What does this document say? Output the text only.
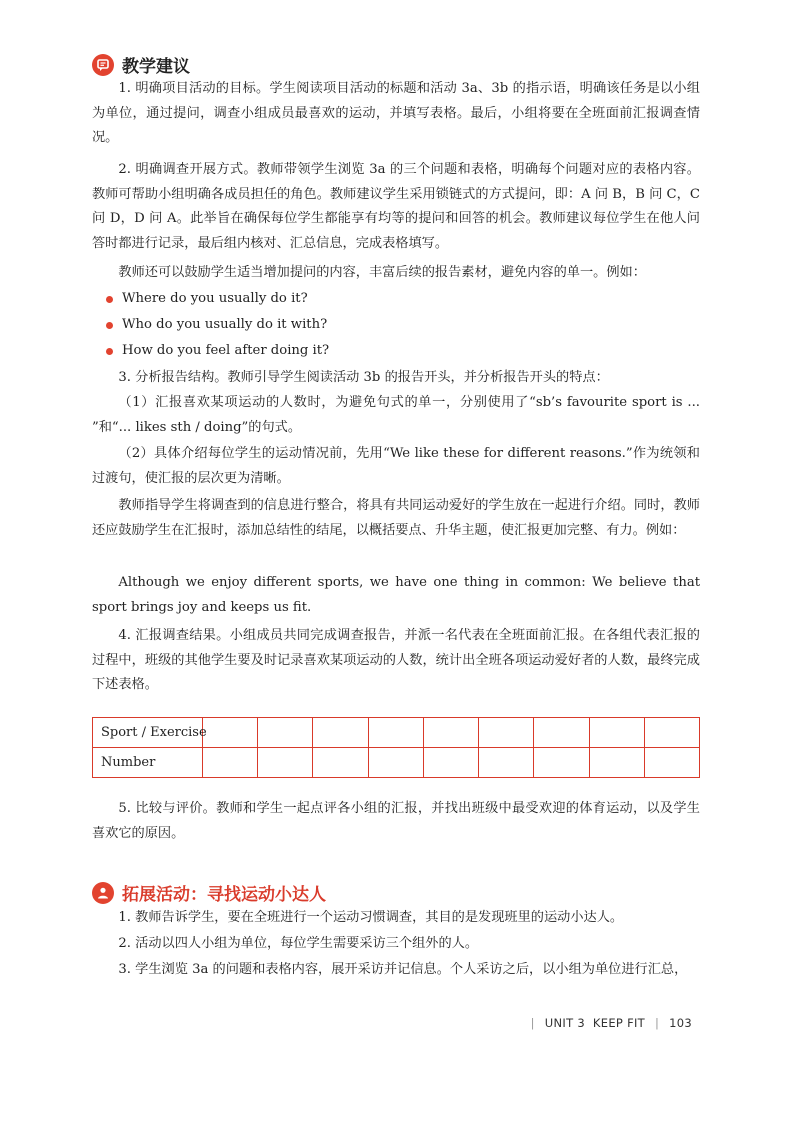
教学建议

1. 明确项目活动的目标。学生阅读项目活动的标题和活动 3a、3b 的指示语，明确该任务是以小组为单位，通过提问，调查小组成员最喜欢的运动，并填写表格。最后，小组将要在全班面前汇报调查情况。

2. 明确调查开展方式。教师带领学生浏览 3a 的三个问题和表格，明确每个问题对应的表格内容。教师可帮助小组明确各成员担任的角色。教师建议学生采用锁链式的方式提问，即：A 问 B，B 问 C，C 问 D，D 问 A。此举旨在确保每位学生都能享有均等的提问和回答的机会。教师建议每位学生在他人问答时都进行记录，最后组内核对、汇总信息，完成表格填写。

教师还可以鼓励学生适当增加提问的内容，丰富后续的报告素材，避免内容的单一。例如：

Where do you usually do it?
Who do you usually do it with?
How do you feel after doing it?

3. 分析报告结构。教师引导学生阅读活动 3b 的报告开头，并分析报告开头的特点：

（1）汇报喜欢某项运动的人数时，为避免句式的单一，分别使用了“sb’s favourite sport is ... ”和“... likes sth / doing”的句式。

（2）具体介绍每位学生的运动情况前，先用“We like these for different reasons.”作为统领和过渡句，使汇报的层次更为清晰。

教师指导学生将调查到的信息进行整合，将具有共同运动爱好的学生放在一起进行介绍。同时，教师还应鼓励学生在汇报时，添加总结性的结尾，以概括要点、升华主题，使汇报更加完整、有力。例如：

Although we enjoy different sports, we have one thing in common: We believe that sport brings joy and keeps us fit.

4. 汇报调查结果。小组成员共同完成调查报告，并派一名代表在全班面前汇报。在各组代表汇报的过程中，班级的其他学生要及时记录喜欢某项运动的人数，统计出全班各项运动爱好者的人数，最终完成下述表格。

Sport / Exercise									
Number									

5. 比较与评价。教师和学生一起点评各小组的汇报，并找出班级中最受欢迎的体育运动，以及学生喜欢它的原因。

拓展活动：寻找运动小达人

1. 教师告诉学生，要在全班进行一个运动习惯调查，其目的是发现班里的运动小达人。

2. 活动以四人小组为单位，每位学生需要采访三个组外的人。

3. 学生浏览 3a 的问题和表格内容，展开采访并记信息。个人采访之后，以小组为单位进行汇总，

| UNIT 3 KEEP FIT | 103
